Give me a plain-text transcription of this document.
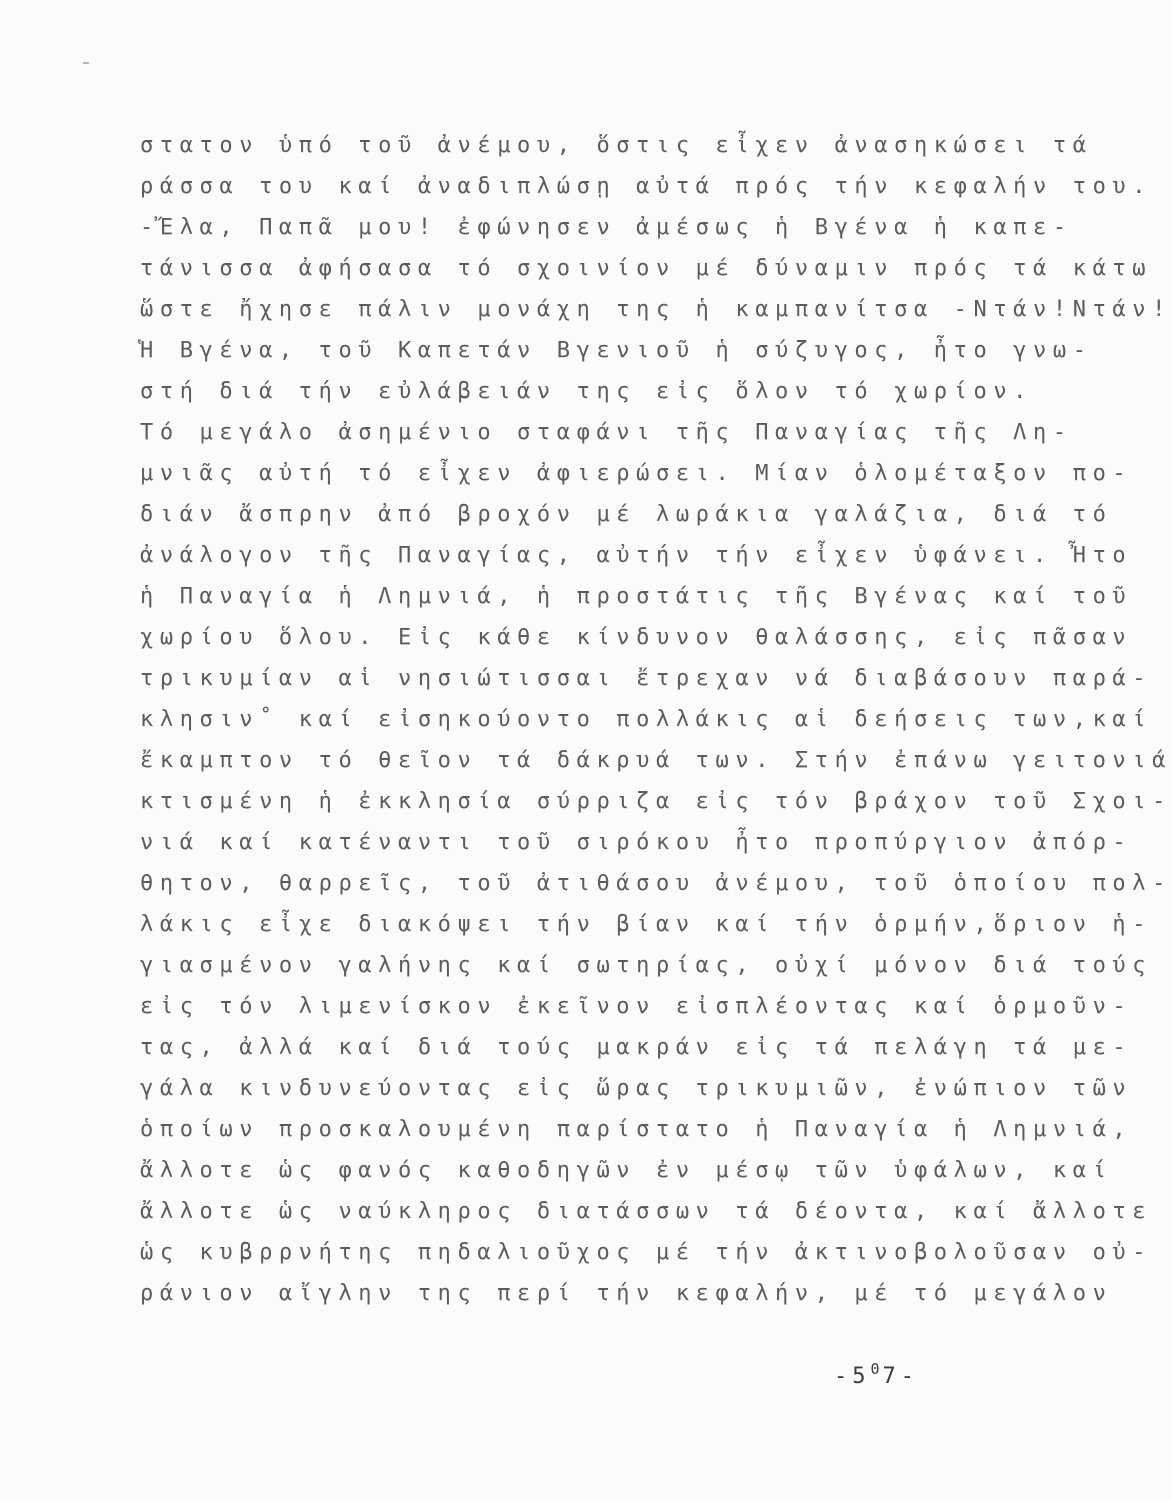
στατον ὑπό τοῦ ἀνέμου, ὅστις εἶχεν ἀνασηκώσει τά
ράσσα του καί ἀναδιπλώσῃ αὐτά πρός τήν κεφαλήν του.
-Ἔλα, Παπᾶ μου! ἐφώνησεν ἀμέσως ἡ Βγένα ἡ καπε-
τάνισσα ἀφήσασα τό σχοινίον μέ δύναμιν πρός τά κάτω
ὥστε ἤχησε πάλιν μονάχη της ἡ καμπανίτσα -Ντάν!Ντάν!
Ἡ Βγένα, τοῦ Καπετάν Βγενιοῦ ἡ σύζυγος, ἦτο γνω-
στή διά τήν εὐλάβειάν της εἰς ὅλον τό χωρίον.
Τό μεγάλο ἀσημένιο σταφάνι τῆς Παναγίας τῆς Λη-
μνιᾶς αὐτή τό εἶχεν ἀφιερώσει. Μίαν ὁλομέταξον πο-
διάν ἄσπρην ἀπό βροχόν μέ λωράκια γαλάζια, διά τό
ἀνάλογον τῆς Παναγίας, αὐτήν τήν εἶχεν ὑφάνει. Ἦτο
ἡ Παναγία ἡ Λημνιά, ἡ προστάτις τῆς Βγένας καί τοῦ
χωρίου ὅλου. Εἰς κάθε κίνδυνον θαλάσσης, εἰς πᾶσαν
τρικυμίαν αἱ νησιώτισσαι ἔτρεχαν νά διαβάσουν παρά-
κλησιν˚ καί εἰσηκούοντο πολλάκις αἱ δεήσεις των,καί
ἔκαμπτον τό θεῖον τά δάκρυά των. Στήν ἐπάνω γειτονιά
κτισμένη ἡ ἐκκλησία σύρριζα εἰς τόν βράχον τοῦ Σχοι-
νιά καί κατέναντι τοῦ σιρόκου ἦτο προπύργιον ἀπόρ-
θητον, θαρρεῖς, τοῦ ἀτιθάσου ἀνέμου, τοῦ ὁποίου πολ-
λάκις εἶχε διακόψει τήν βίαν καί τήν ὁρμήν,ὅριον ἡ-
γιασμένον γαλήνης καί σωτηρίας, οὐχί μόνον διά τούς
εἰς τόν λιμενίσκον ἐκεῖνον εἰσπλέοντας καί ὁρμοῦν-
τας, ἀλλά καί διά τούς μακράν εἰς τά πελάγη τά με-
γάλα κινδυνεύοντας εἰς ὥρας τρικυμιῶν, ἐνώπιον τῶν
ὁποίων προσκαλουμένη παρίστατο ἡ Παναγία ἡ Λημνιά,
ἄλλοτε ὡς φανός καθοδηγῶν ἐν μέσῳ τῶν ὑφάλων, καί
ἄλλοτε ὡς ναύκληρος διατάσσων τά δέοντα, καί ἄλλοτε
ὡς κυβρρνήτης πηδαλιοῦχος μέ τήν ἀκτινοβολοῦσαν οὐ-
ράνιον αἴγλην της περί τήν κεφαλήν, μέ τό μεγάλον
$-5^07-$
